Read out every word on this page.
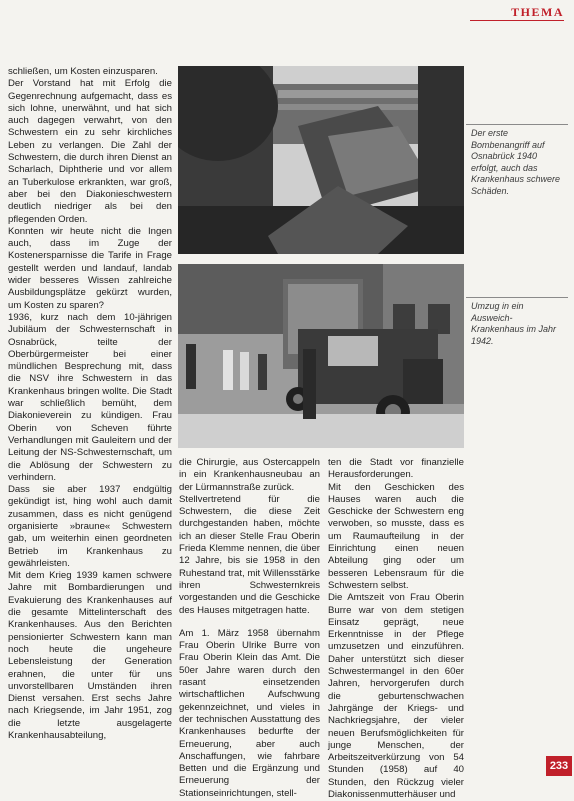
THEMA

schließen, um Kosten einzusparen.

Der Vorstand hat mit Erfolg die Gegenrechnung aufgemacht, dass es sich lohne, unerwähnt, und hat sich auch dagegen verwahrt, von den Schwestern ein zu sehr kirchliches Leben zu verlangen. Die Zahl der Schwestern, die durch ihren Dienst an Scharlach, Diphtherie und vor allem an Tuberkulose erkrankten, war groß, aber bei den Diakonieschwestern deutlich niedriger als bei den pflegenden Orden.

Konnten wir heute nicht die Ingen auch, dass im Zuge der Kostenersparnisse die Tarife in Frage gestellt werden und landauf, landab wider besseres Wissen zahlreiche Ausbildungsplätze gekürzt wurden, um Kosten zu sparen?

1936, kurz nach dem 10-jährigen Jubiläum der Schwesternschaft in Osnabrück, teilte der Oberbürgermeister bei einer mündlichen Besprechung mit, dass die NSV ihre Schwestern in das Krankenhaus bringen wollte. Die Stadt war schließlich bemüht, dem Diakonieverein zu kündigen. Frau Oberin von Scheven führte Verhandlungen mit Gauleitern und der Leitung der NS-Schwesternschaft, um die Ablösung der Schwestern zu verhindern.

Dass sie aber 1937 endgültig gekündigt ist, hing wohl auch damit zusammen, dass es nicht genügend organisierte »braune« Schwestern gab, um weiterhin einen geordneten Betrieb im Krankenhaus zu gewährleisten.

Mit dem Krieg 1939 kamen schwere Jahre mit Bombardierungen und Evakuierung des Krankenhauses auf die gesamte Mittelinterschaft des Krankenhauses. Aus den Berichten pensionierter Schwestern kann man noch heute die ungeheure Lebensleistung der Generation erahnen, die unter für uns unvorstellbaren Umständen ihren Dienst versahen. Erst sechs Jahre nach Kriegsende, im Jahr 1951, zog die letzte ausgelagerte Krankenhausabteilung,

Der erste Bombenangriff auf Osnabrück 1940 erfolgt, auch das Krankenhaus schwere Schäden.
Umzug in ein Ausweich-Krankenhaus im Jahr 1942.

die Chirurgie, aus Ostercappeln in ein Krankenhausneubau an der Lürmannstraße zurück.

Stellvertretend für die Schwestern, die diese Zeit durchgestanden haben, möchte ich an dieser Stelle Frau Oberin Frieda Klemme nennen, die über 12 Jahre, bis sie 1958 in den Ruhestand trat, mit Willensstärke ihren Schwesternkreis vorgestanden und die Geschicke des Hauses mitgetragen hatte.

Am 1. März 1958 übernahm Frau Oberin Ulrike Burre von Frau Oberin Klein das Amt. Die 50er Jahre waren durch den rasant einsetzenden wirtschaftlichen Aufschwung gekennzeichnet, und vieles in der technischen Ausstattung des Krankenhauses bedurfte der Erneuerung, aber auch Anschaffungen, wie fahrbare Betten und die Ergänzung und Erneuerung der Stationseinrichtungen, stell-

ten die Stadt vor finanzielle Herausforderungen.

Mit den Geschicken des Hauses waren auch die Geschicke der Schwestern eng verwoben, so musste, dass es um Raumaufteilung in der Einrichtung einen neuen Abteilung ging oder um besseren Lebensraum für die Schwestern selbst.

Die Amtszeit von Frau Oberin Burre war von dem stetigen Einsatz geprägt, neue Erkenntnisse in der Pflege umzusetzen und einzuführen. Daher unterstützt sich dieser Schwestermangel in den 60er Jahren, hervorgerufen durch die geburtenschwachen Jahrgänge der Kriegs- und Nachkriegsjahre, der vieler neuen Berufsmöglichkeiten für junge Menschen, der Arbeitszeitverkürzung von 54 Stunden (1958) auf 40 Stunden, den Rückzug vieler Diakonissenmutterhäuser und

233
